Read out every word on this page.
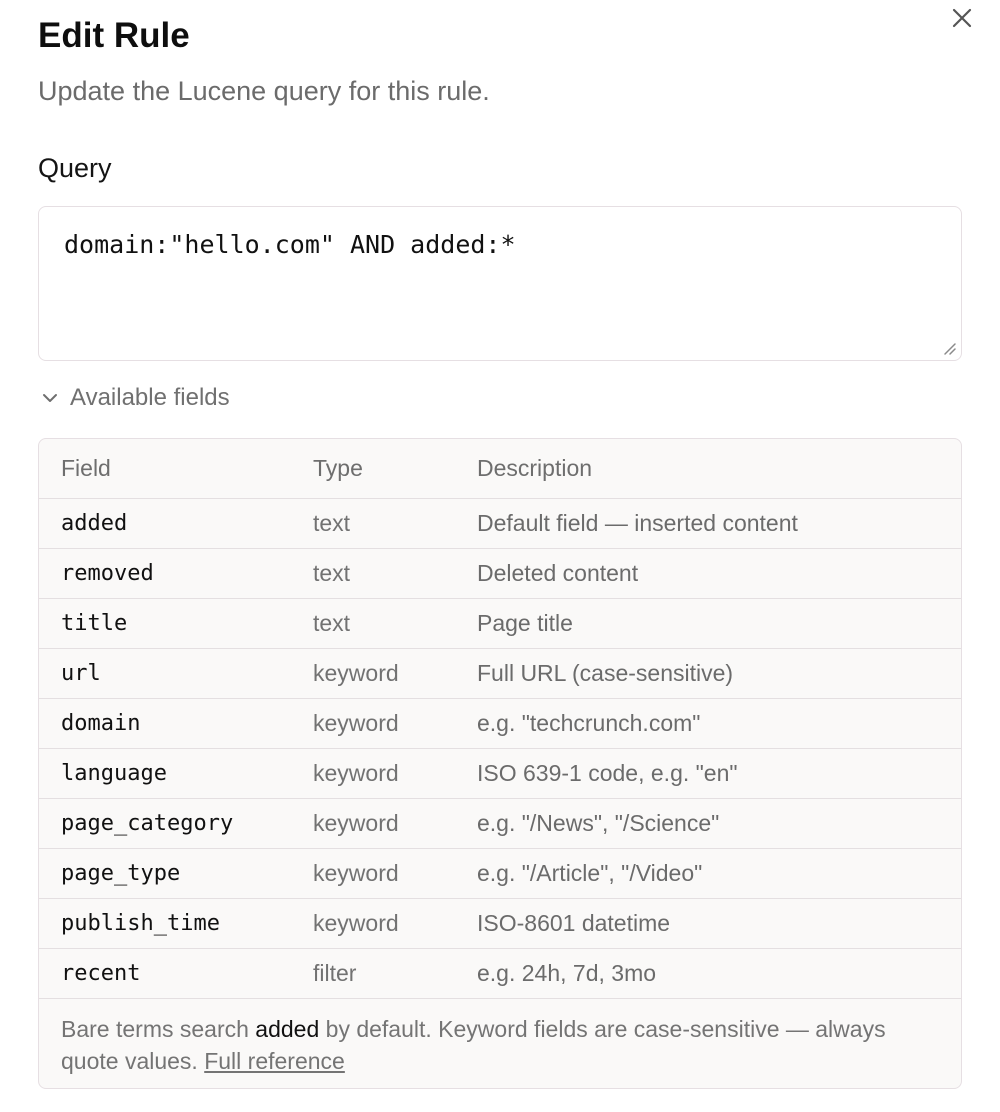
Edit Rule
Update the Lucene query for this rule.
Query
domain:"hello.com" AND added:*
Available fields
Field	Type	Description
added	text	Default field — inserted content
removed	text	Deleted content
title	text	Page title
url	keyword	Full URL (case-sensitive)
domain	keyword	e.g. "techcrunch.com"
language	keyword	ISO 639-1 code, e.g. "en"
page_category	keyword	e.g. "/News", "/Science"
page_type	keyword	e.g. "/Article", "/Video"
publish_time	keyword	ISO-8601 datetime
recent	filter	e.g. 24h, 7d, 3mo
Bare terms search added by default. Keyword fields are case-sensitive — always quote values. Full reference
